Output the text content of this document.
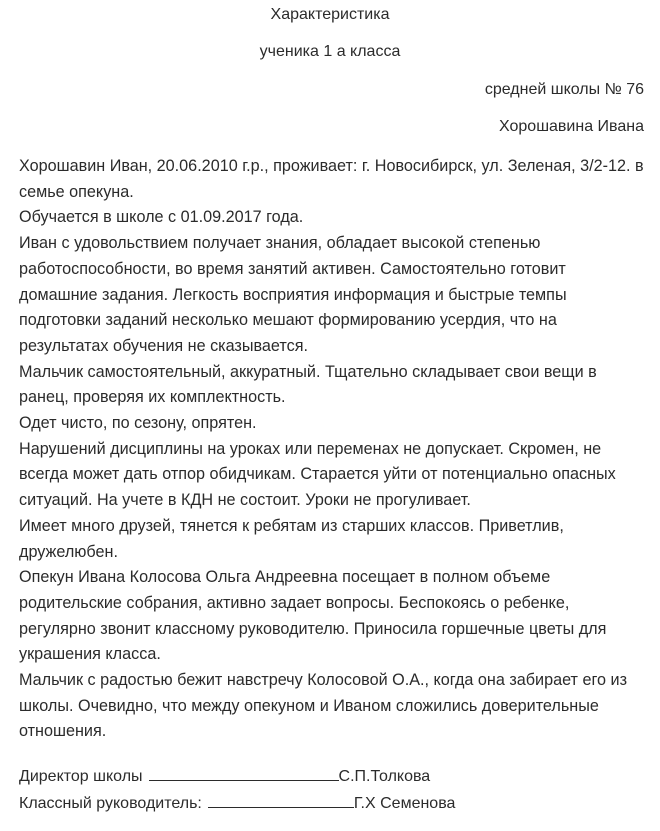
Характеристика
ученика 1 а класса
средней школы № 76
Хорошавина Ивана

Хорошавин Иван, 20.06.2010 г.р., проживает: г. Новосибирск, ул. Зеленая, 3/2-12. в семье опекуна.

Обучается в школе с 01.09.2017 года.

Иван с удовольствием получает знания, обладает высокой степенью работоспособности, во время занятий активен. Самостоятельно готовит домашние задания. Легкость восприятия информация и быстрые темпы подготовки заданий несколько мешают формированию усердия, что на результатах обучения не сказывается.

Мальчик самостоятельный, аккуратный. Тщательно складывает свои вещи в ранец, проверяя их комплектность.

Одет чисто, по сезону, опрятен.

Нарушений дисциплины на уроках или переменах не допускает. Скромен, не всегда может дать отпор обидчикам. Старается уйти от потенциально опасных ситуаций. На учете в КДН не состоит. Уроки не прогуливает.

Имеет много друзей, тянется к ребятам из старших классов. Приветлив, дружелюбен.

Опекун Ивана Колосова Ольга Андреевна посещает в полном объеме родительские собрания, активно задает вопросы. Беспокоясь о ребенке, регулярно звонит классному руководителю. Приносила горшечные цветы для украшения класса.

Мальчик с радостью бежит навстречу Колосовой О.А., когда она забирает его из школы. Очевидно, что между опекуном и Иваном сложились доверительные отношения.

Директор школы	С.П.Толкова
Классный руководитель:	Г.Х Семенова
